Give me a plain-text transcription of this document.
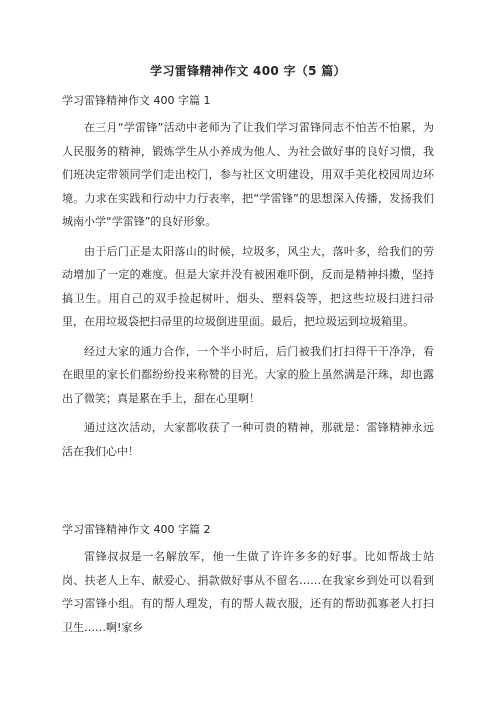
学习雷锋精神作文 400 字（5 篇）
学习雷锋精神作文 400 字篇 1

在三月“学雷锋”活动中老师为了让我们学习雷锋同志不怕苦不怕累，为人民服务的精神，锻炼学生从小养成为他人、为社会做好事的良好习惯，我们班决定带领同学们走出校门，参与社区文明建设，用双手美化校园周边环境。力求在实践和行动中力行表率，把“学雷锋”的思想深入传播，发扬我们城南小学“学雷锋”的良好形象。

由于后门正是太阳落山的时候，垃圾多，风尘大，落叶多，给我们的劳动增加了一定的难度。但是大家并没有被困难吓倒，反而是精神抖擞，坚持搞卫生。用自己的双手捡起树叶、烟头、塑料袋等，把这些垃圾扫进扫帚里，在用垃圾袋把扫帚里的垃圾倒进里面。最后，把垃圾运到垃圾箱里。

经过大家的通力合作，一个半小时后，后门被我们打扫得干干净净，看在眼里的家长们都纷纷投来称赞的目光。大家的脸上虽然满是汗珠，却也露出了微笑；真是累在手上，甜在心里啊！

通过这次活动，大家都收获了一种可贵的精神，那就是：雷锋精神永远活在我们心中！

学习雷锋精神作文 400 字篇 2

雷锋叔叔是一名解放军，他一生做了许许多多的好事。比如帮战士站岗、扶老人上车、献爱心、捐款做好事从不留名……在我家乡到处可以看到学习雷锋小组。有的帮人理发，有的帮人裁衣服，还有的帮助孤寡老人打扫卫生……啊!家乡
